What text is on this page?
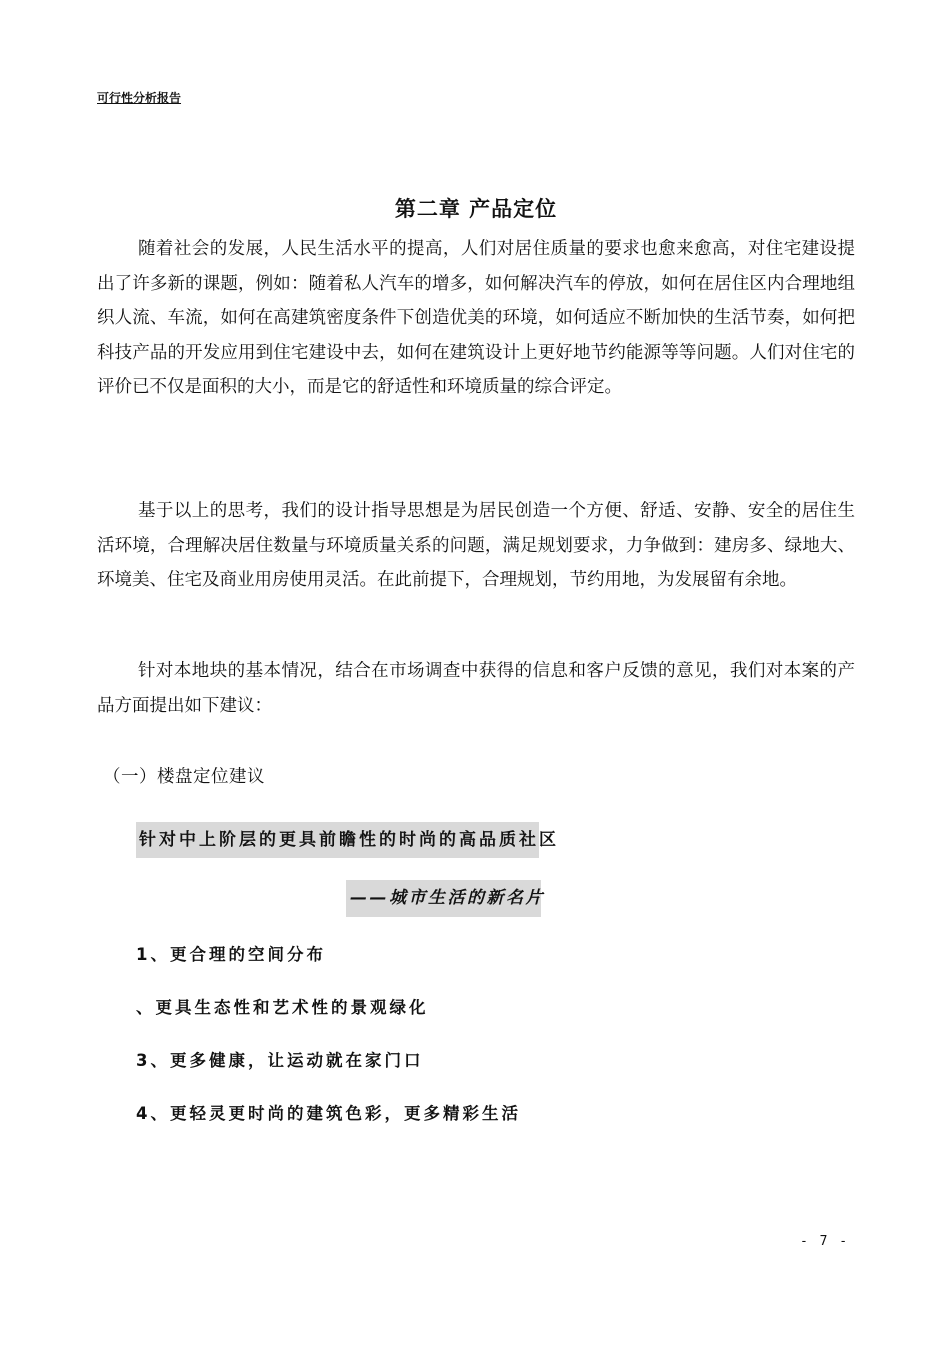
可行性分析报告
第二章 产品定位

随着社会的发展，人民生活水平的提高，人们对居住质量的要求也愈来愈高，对住宅建设提出了许多新的课题，例如：随着私人汽车的增多，如何解决汽车的停放，如何在居住区内合理地组织人流、车流，如何在高建筑密度条件下创造优美的环境，如何适应不断加快的生活节奏，如何把科技产品的开发应用到住宅建设中去，如何在建筑设计上更好地节约能源等等问题。人们对住宅的评价已不仅是面积的大小，而是它的舒适性和环境质量的综合评定。

基于以上的思考，我们的设计指导思想是为居民创造一个方便、舒适、安静、安全的居住生活环境，合理解决居住数量与环境质量关系的问题，满足规划要求，力争做到：建房多、绿地大、环境美、住宅及商业用房使用灵活。在此前提下，合理规划，节约用地，为发展留有余地。

针对本地块的基本情况，结合在市场调查中获得的信息和客户反馈的意见，我们对本案的产品方面提出如下建议：

（一）楼盘定位建议
针对中上阶层的更具前瞻性的时尚的高品质社区
——城市生活的新名片
1、更合理的空间分布
、更具生态性和艺术性的景观绿化
3、更多健康，让运动就在家门口
4、更轻灵更时尚的建筑色彩，更多精彩生活
- 7 -
